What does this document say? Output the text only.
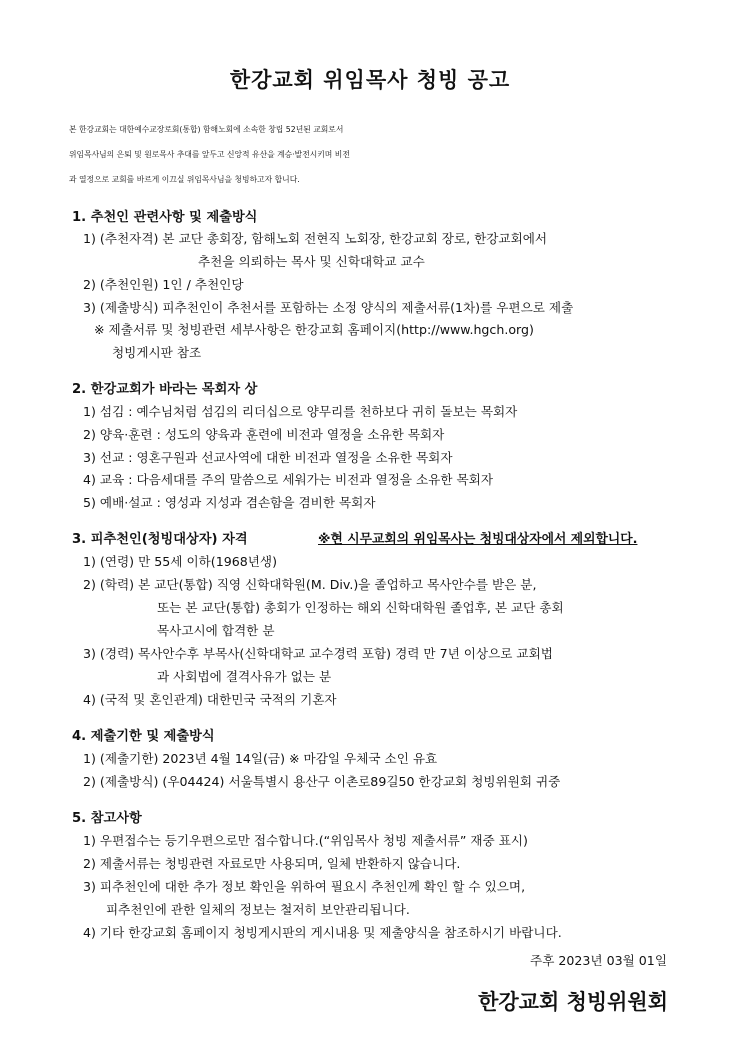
한강교회 위임목사 청빙 공고
본 한강교회는 대한예수교장로회(통합) 함해노회에 소속한 창립 52년된 교회로서
위임목사님의 은퇴 및 원로목사 추대를 앞두고 신앙적 유산을 계승·발전시키며 비전
과 열정으로 교회를 바르게 이끄실 위임목사님을 청빙하고자 합니다.
1. 추천인 관련사항 및 제출방식
1) (추천자격) 본 교단 총회장, 함해노회 전현직 노회장, 한강교회 장로, 한강교회에서
추천을 의뢰하는 목사 및 신학대학교 교수
2) (추천인원) 1인 / 추천인당
3) (제출방식) 피추천인이 추천서를 포함하는 소정 양식의 제출서류(1차)를 우편으로 제출
※ 제출서류 및 청빙관련 세부사항은 한강교회 홈페이지(http://www.hgch.org)
청빙게시판 참조
2. 한강교회가 바라는 목회자 상
1) 섬김 : 예수님처럼 섬김의 리더십으로 양무리를 천하보다 귀히 돌보는 목회자
2) 양육·훈련 : 성도의 양육과 훈련에 비전과 열정을 소유한 목회자
3) 선교 : 영혼구원과 선교사역에 대한 비전과 열정을 소유한 목회자
4) 교육 : 다음세대를 주의 말씀으로 세워가는 비전과 열정을 소유한 목회자
5) 예배·설교 : 영성과 지성과 겸손함을 겸비한 목회자
3. 피추천인(청빙대상자) 자격	※현 시무교회의 위임목사는 청빙대상자에서 제외합니다.
1) (연령) 만 55세 이하(1968년생)
2) (학력) 본 교단(통합) 직영 신학대학원(M. Div.)을 졸업하고 목사안수를 받은 분,
또는 본 교단(통합) 총회가 인정하는 해외 신학대학원 졸업후, 본 교단 총회
목사고시에 합격한 분
3) (경력) 목사안수후 부목사(신학대학교 교수경력 포함) 경력 만 7년 이상으로 교회법
과 사회법에 결격사유가 없는 분
4) (국적 및 혼인관계) 대한민국 국적의 기혼자
4. 제출기한 및 제출방식
1) (제출기한) 2023년 4월 14일(금) ※ 마감일 우체국 소인 유효
2) (제출방식) (우04424) 서울특별시 용산구 이촌로89길50 한강교회 청빙위원회 귀중
5. 참고사항
1) 우편접수는 등기우편으로만 접수합니다.(“위임목사 청빙 제출서류” 재중 표시)
2) 제출서류는 청빙관련 자료로만 사용되며, 일체 반환하지 않습니다.
3) 피추천인에 대한 추가 정보 확인을 위하여 필요시 추천인께 확인 할 수 있으며,
피추천인에 관한 일체의 정보는 철저히 보안관리됩니다.
4) 기타 한강교회 홈페이지 청빙게시판의 게시내용 및 제출양식을 참조하시기 바랍니다.
주후 2023년 03월 01일
한강교회 청빙위원회
